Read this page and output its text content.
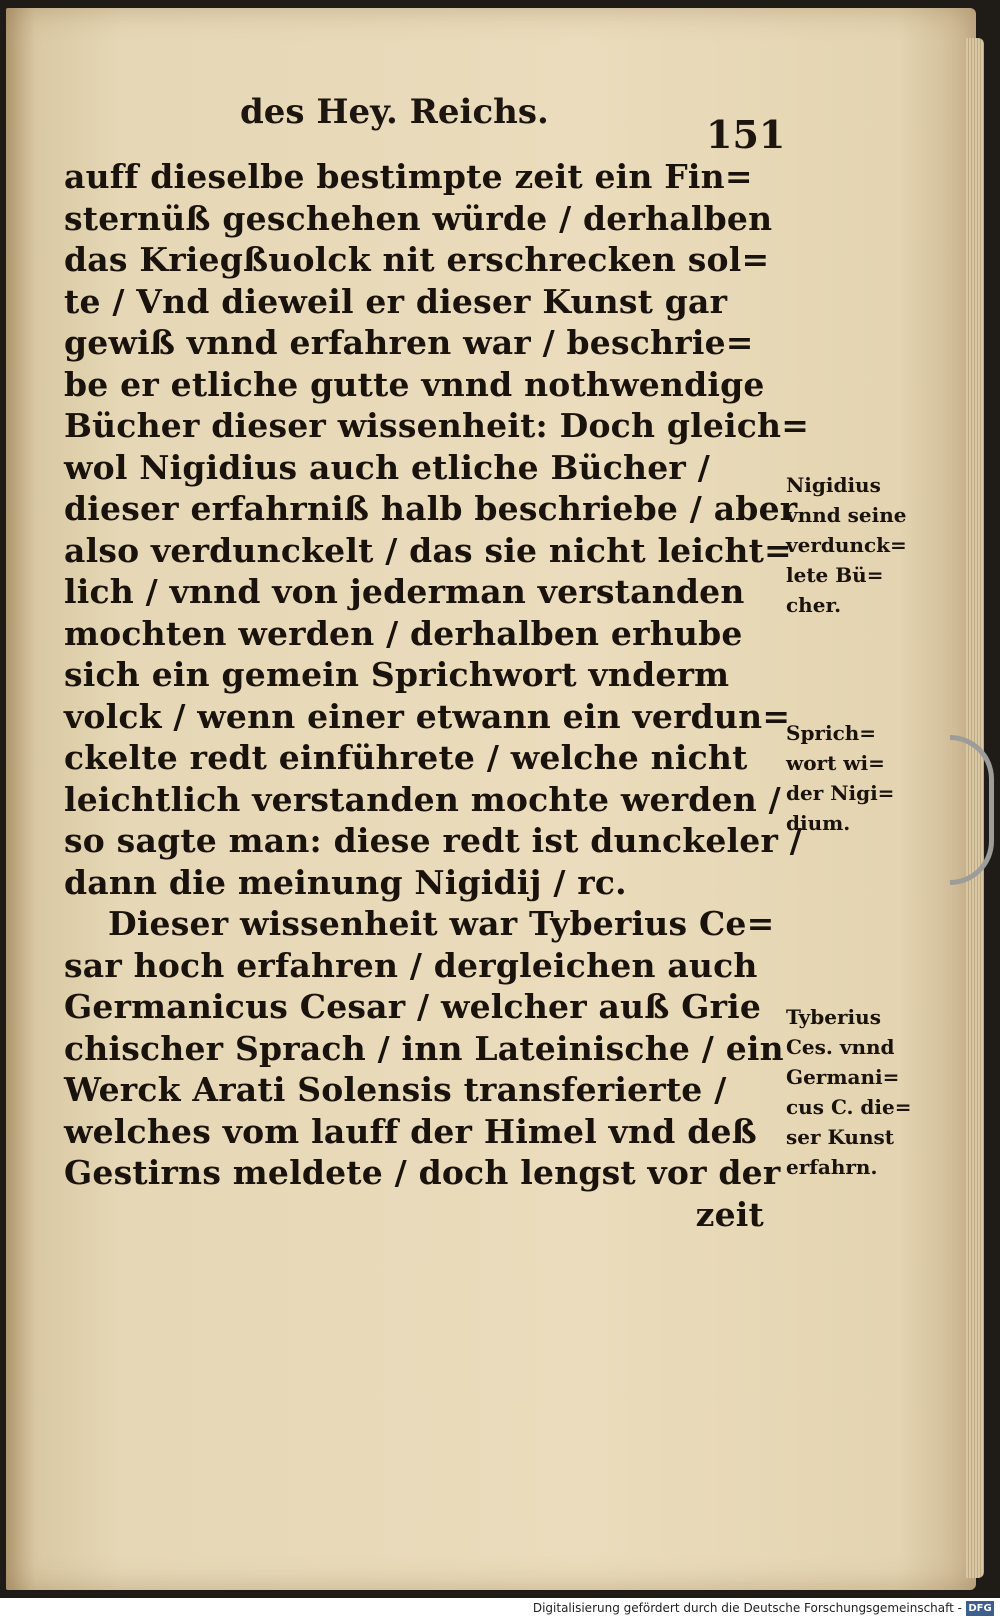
des Hey. Reichs.	151
auff dieselbe bestimpte zeit ein Fin=
sternüß geschehen würde / derhalben
das Kriegßuolck nit erschrecken sol=
te / Vnd dieweil er dieser Kunst gar
gewiß vnnd erfahren war / beschrie=
be er etliche gutte vnnd nothwendige
Bücher dieser wissenheit: Doch gleich=
wol Nigidius auch etliche Bücher /
dieser erfahrniß halb beschriebe / aber
also verdunckelt / das sie nicht leicht=
lich / vnnd von jederman verstanden
mochten werden / derhalben erhube
sich ein gemein Sprichwort vnderm
volck / wenn einer etwann ein verdun=
ckelte redt einführete / welche nicht
leichtlich verstanden mochte werden /
so sagte man: diese redt ist dunckeler /
dann die meinung Nigidij / rc.
Dieser wissenheit war Tyberius Ce=
sar hoch erfahren / dergleichen auch
Germanicus Cesar / welcher auß Grie
chischer Sprach / inn Lateinische / ein
Werck Arati Solensis transferierte /
welches vom lauff der Himel vnd deß
Gestirns meldete / doch lengst vor der
zeit
Nigidius
vnnd seine
verdunck=
lete Bü=
cher.
Sprich=
wort wi=
der Nigi=
dium.
Tyberius
Ces. vnnd
Germani=
cus C. die=
ser Kunst
erfahrn.
Digitalisierung gefördert durch die Deutsche Forschungsgemeinschaft - DFG
